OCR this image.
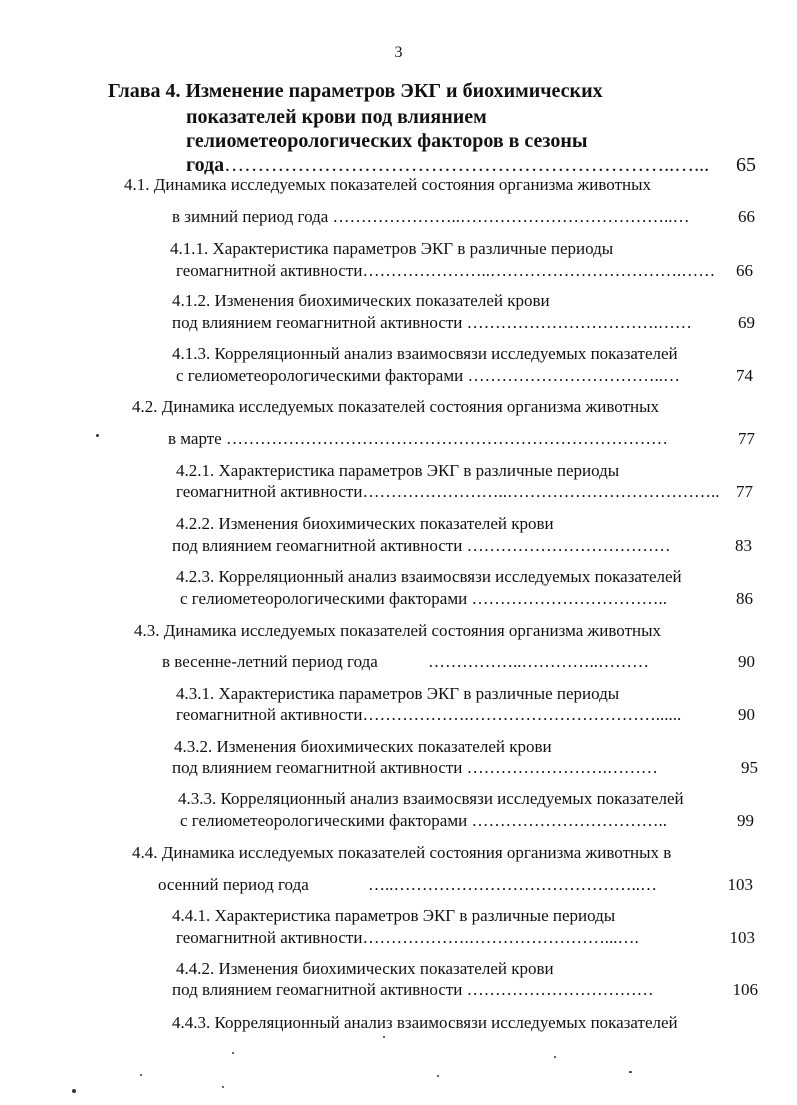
3
Глава 4. Изменение параметров ЭКГ и биохимических
показателей крови под влиянием
гелиометеорологических факторов в сезоны
года…………………………………………………………..…... 65
4.1. Динамика исследуемых показателей состояния организма животных
в зимний период года …………………..………………………………..…	66
4.1.1. Характеристика параметров ЭКГ в различные периоды
геомагнитной активности…………………..…………………………….…… 66
4.1.2. Изменения биохимических показателей крови
под влиянием геомагнитной активности …………………………….……	69
4.1.3. Корреляционный анализ взаимосвязи исследуемых показателей
с гелиометеорологическими факторами ……………………………..…	74
4.2. Динамика исследуемых показателей состояния организма животных
в марте ……………………………………………………………………	77
4.2.1. Характеристика параметров ЭКГ в различные периоды
геомагнитной активности……………………..……………………………….. 77
4.2.2. Изменения биохимических показателей крови
под влиянием геомагнитной активности ………………………………	83
4.2.3. Корреляционный анализ взаимосвязи исследуемых показателей
с гелиометеорологическими факторами ……………………………..	86
4.3. Динамика исследуемых показателей состояния организма животных
в весенне-летний период года	……………..…………..………	90
4.3.1. Характеристика параметров ЭКГ в различные периоды
геомагнитной активности……………….……………………………......	90
4.3.2. Изменения биохимических показателей крови
под влиянием геомагнитной активности …………………….………	95
4.3.3. Корреляционный анализ взаимосвязи исследуемых показателей
с гелиометеорологическими факторами ……………………………..	99
4.4. Динамика исследуемых показателей состояния организма животных в
осенний период года	…..……………………………………..…	103
4.4.1. Характеристика параметров ЭКГ в различные периоды
геомагнитной активности……………….……………………...….	103
4.4.2. Изменения биохимических показателей крови
под влиянием геомагнитной активности ……………………………	106
4.4.3. Корреляционный анализ взаимосвязи исследуемых показателей
